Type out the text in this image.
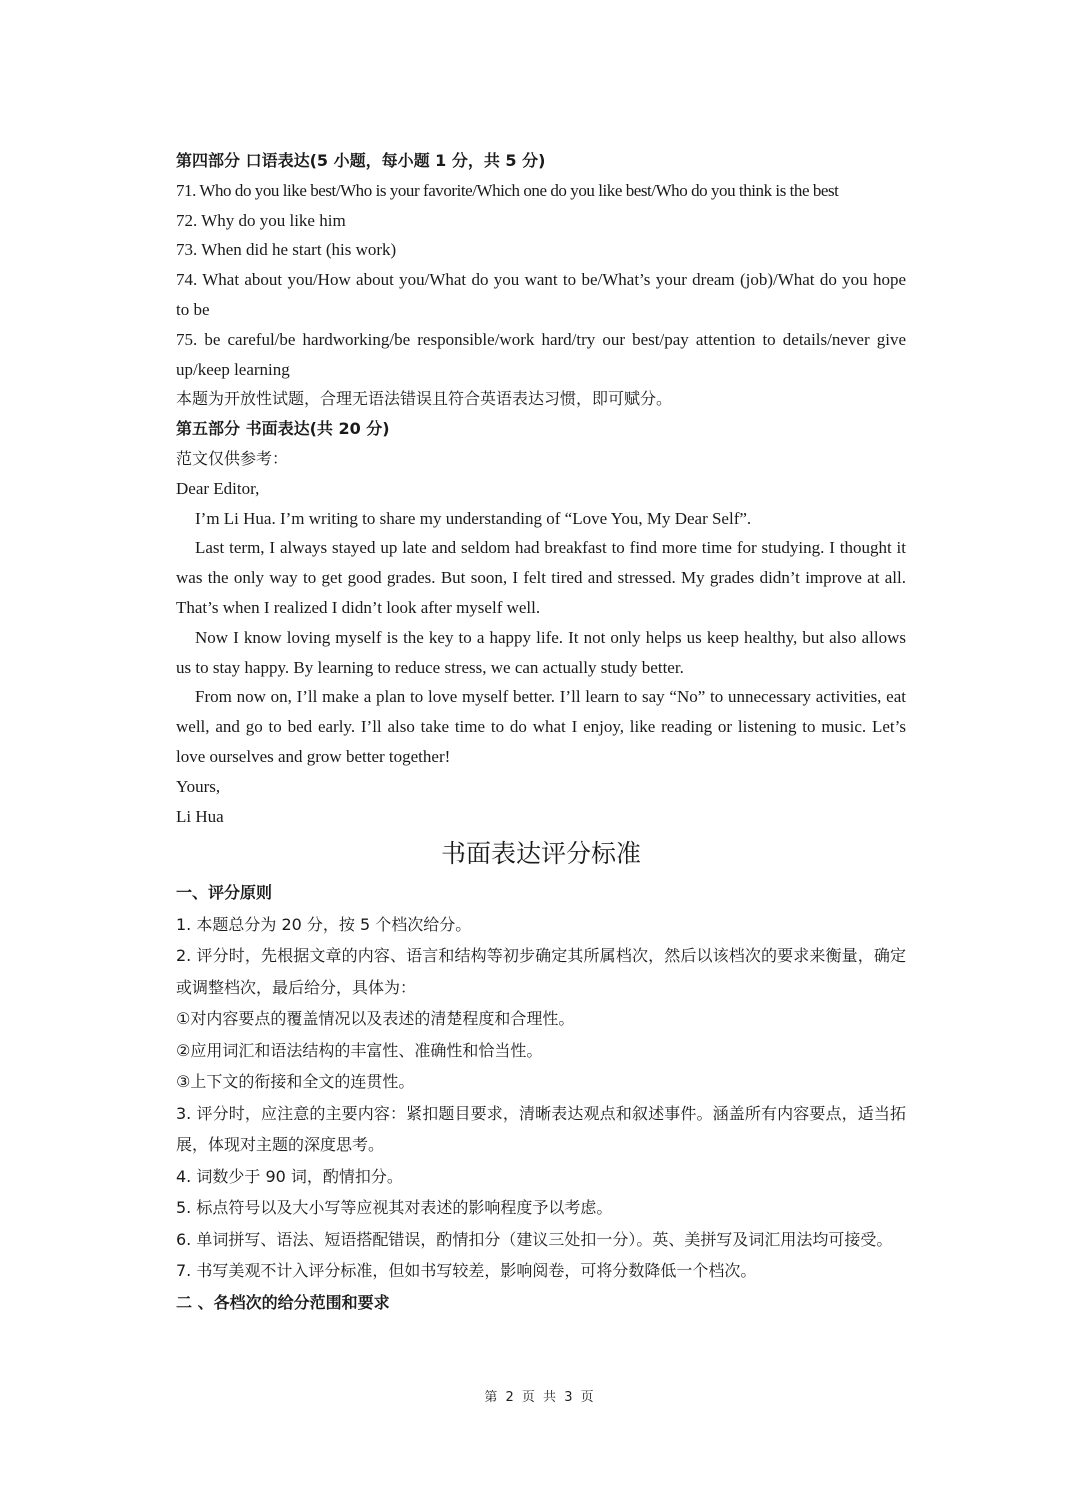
第四部分 口语表达(5 小题，每小题 1 分，共 5 分)
71. Who do you like best/Who is your favorite/Which one do you like best/Who do you think is the best
72. Why do you like him
73. When did he start (his work)
74. What about you/How about you/What do you want to be/What’s your dream (job)/What do you hope to be
75. be careful/be hardworking/be responsible/work hard/try our best/pay attention to details/never give up/keep learning
本题为开放性试题，合理无语法错误且符合英语表达习惯，即可赋分。
第五部分 书面表达(共 20 分)
范文仅供参考：
Dear Editor,
I’m Li Hua. I’m writing to share my understanding of “Love You, My Dear Self”.
Last term, I always stayed up late and seldom had breakfast to find more time for studying. I thought it was the only way to get good grades. But soon, I felt tired and stressed. My grades didn’t improve at all. That’s when I realized I didn’t look after myself well.
Now I know loving myself is the key to a happy life. It not only helps us keep healthy, but also allows us to stay happy. By learning to reduce stress, we can actually study better.
From now on, I’ll make a plan to love myself better. I’ll learn to say “No” to unnecessary activities, eat well, and go to bed early. I’ll also take time to do what I enjoy, like reading or listening to music. Let’s love ourselves and grow better together!
Yours,
Li Hua
书面表达评分标准
一、评分原则
1. 本题总分为 20 分，按 5 个档次给分。
2. 评分时，先根据文章的内容、语言和结构等初步确定其所属档次，然后以该档次的要求来衡量，确定或调整档次，最后给分，具体为：
①对内容要点的覆盖情况以及表述的清楚程度和合理性。
②应用词汇和语法结构的丰富性、准确性和恰当性。
③上下文的衔接和全文的连贯性。
3. 评分时，应注意的主要内容：紧扣题目要求，清晰表达观点和叙述事件。涵盖所有内容要点，适当拓展，体现对主题的深度思考。
4. 词数少于 90 词，酌情扣分。
5. 标点符号以及大小写等应视其对表述的影响程度予以考虑。
6. 单词拼写、语法、短语搭配错误，酌情扣分（建议三处扣一分）。英、美拼写及词汇用法均可接受。
7. 书写美观不计入评分标准，但如书写较差，影响阅卷，可将分数降低一个档次。
二 、各档次的给分范围和要求
第 2 页 共 3 页
